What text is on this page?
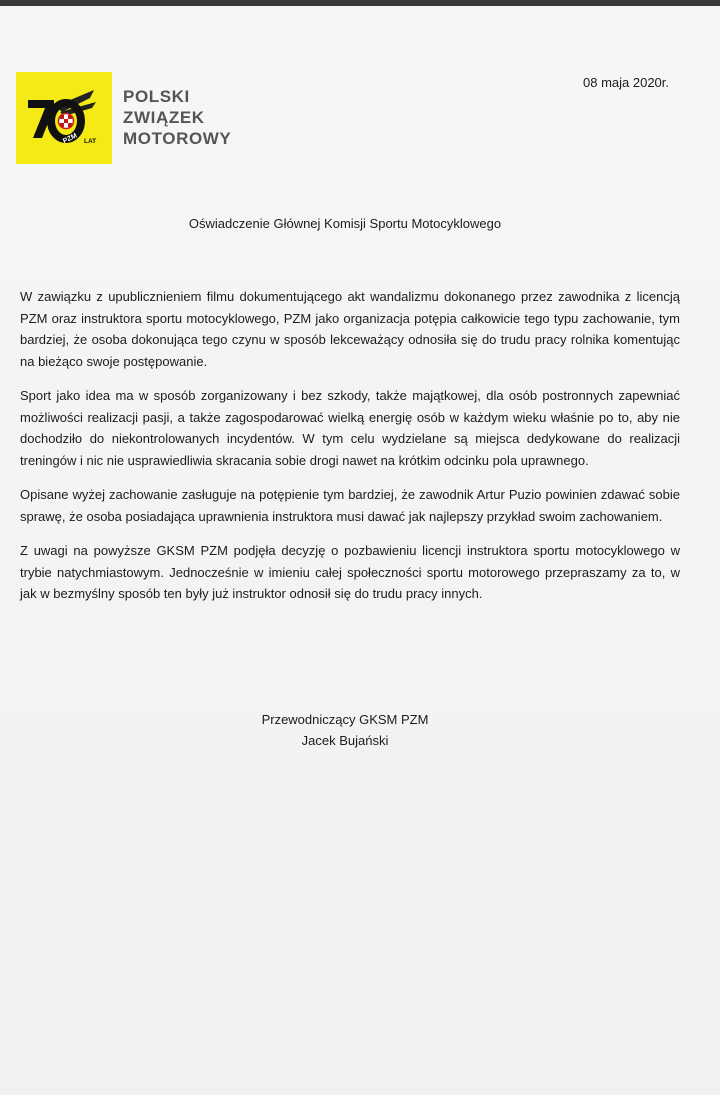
PZM LAT
POLSKI
ZWIĄZEK
MOTOROWY
08 maja 2020r.
Oświadczenie Głównej Komisji Sportu Motocyklowego

W zawiązku z upublicznieniem filmu dokumentującego akt wandalizmu dokonanego przez zawodnika z licencją PZM oraz instruktora sportu motocyklowego, PZM jako organizacja potępia całkowicie tego typu zachowanie, tym bardziej, że osoba dokonująca tego czynu w sposób lekceważący odnosiła się do trudu pracy rolnika komentując na bieżąco swoje postępowanie.

Sport jako idea ma w sposób zorganizowany i bez szkody, także majątkowej, dla osób postronnych zapewniać możliwości realizacji pasji, a także zagospodarować wielką energię osób w każdym wieku właśnie po to, aby nie dochodziło do niekontrolowanych incydentów. W tym celu wydzielane są miejsca dedykowane do realizacji treningów i nic nie usprawiedliwia skracania sobie drogi nawet na krótkim odcinku pola uprawnego.

Opisane wyżej zachowanie zasługuje na potępienie tym bardziej, że zawodnik Artur Puzio powinien zdawać sobie sprawę, że osoba posiadająca uprawnienia instruktora musi dawać jak najlepszy przykład swoim zachowaniem.

Z uwagi na powyższe GKSM PZM podjęła decyzję o pozbawieniu licencji instruktora sportu motocyklowego w trybie natychmiastowym. Jednocześnie w imieniu całej społeczności sportu motorowego przepraszamy za to, w jak w bezmyślny sposób ten były już instruktor odnosił się do trudu pracy innych.

Przewodniczący GKSM PZM
Jacek Bujański
